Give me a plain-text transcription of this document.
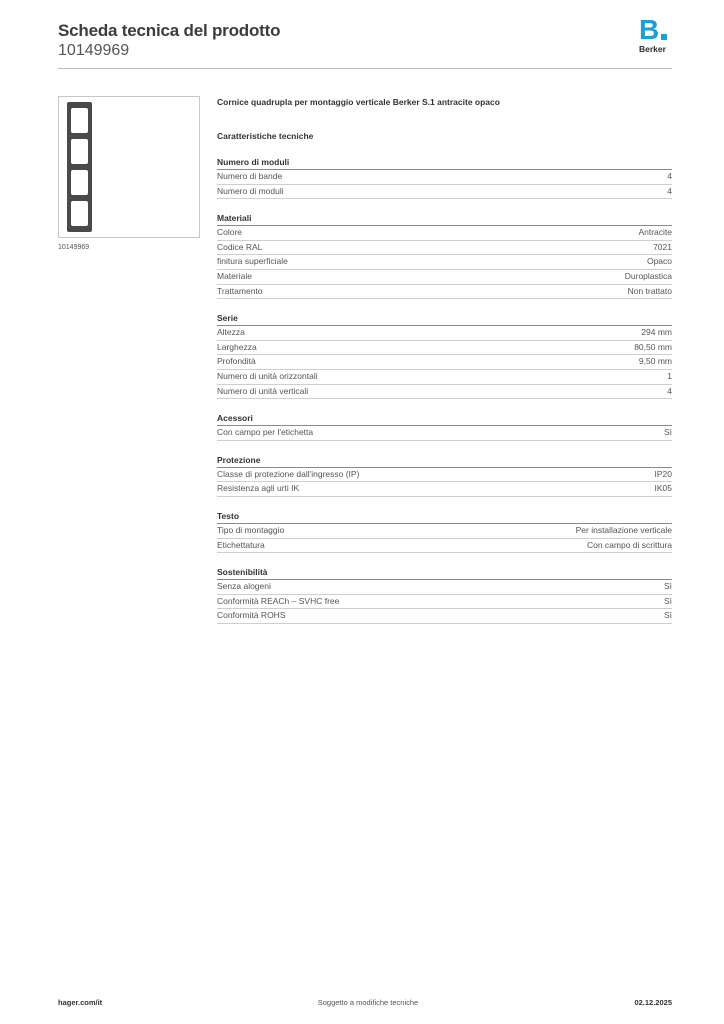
Scheda tecnica del prodotto
10149969
B
Berker
10149969
Cornice quadrupla per montaggio verticale Berker S.1 antracite opaco
Caratteristiche tecniche
Numero di moduli
Numero di bande	4
Numero di moduli	4
Materiali
Colore	Antracite
Codice RAL	7021
finitura superficiale	Opaco
Materiale	Duroplastica
Trattamento	Non trattato
Serie
Altezza	294 mm
Larghezza	80,50 mm
Profondità	9,50 mm
Numero di unità orizzontali	1
Numero di unità verticali	4
Acessori
Con campo per l'etichetta	Sì
Protezione
Classe di protezione dall'ingresso (IP)	IP20
Resistenza agli urti IK	IK05
Testo
Tipo di montaggio	Per installazione verticale
Etichettatura	Con campo di scrittura
Sostenibilità
Senza alogeni	Sì
Conformità REACh – SVHC free	Sì
Conformità ROHS	Sì
hager.com/it	Soggetto a modifiche tecniche	02.12.2025
